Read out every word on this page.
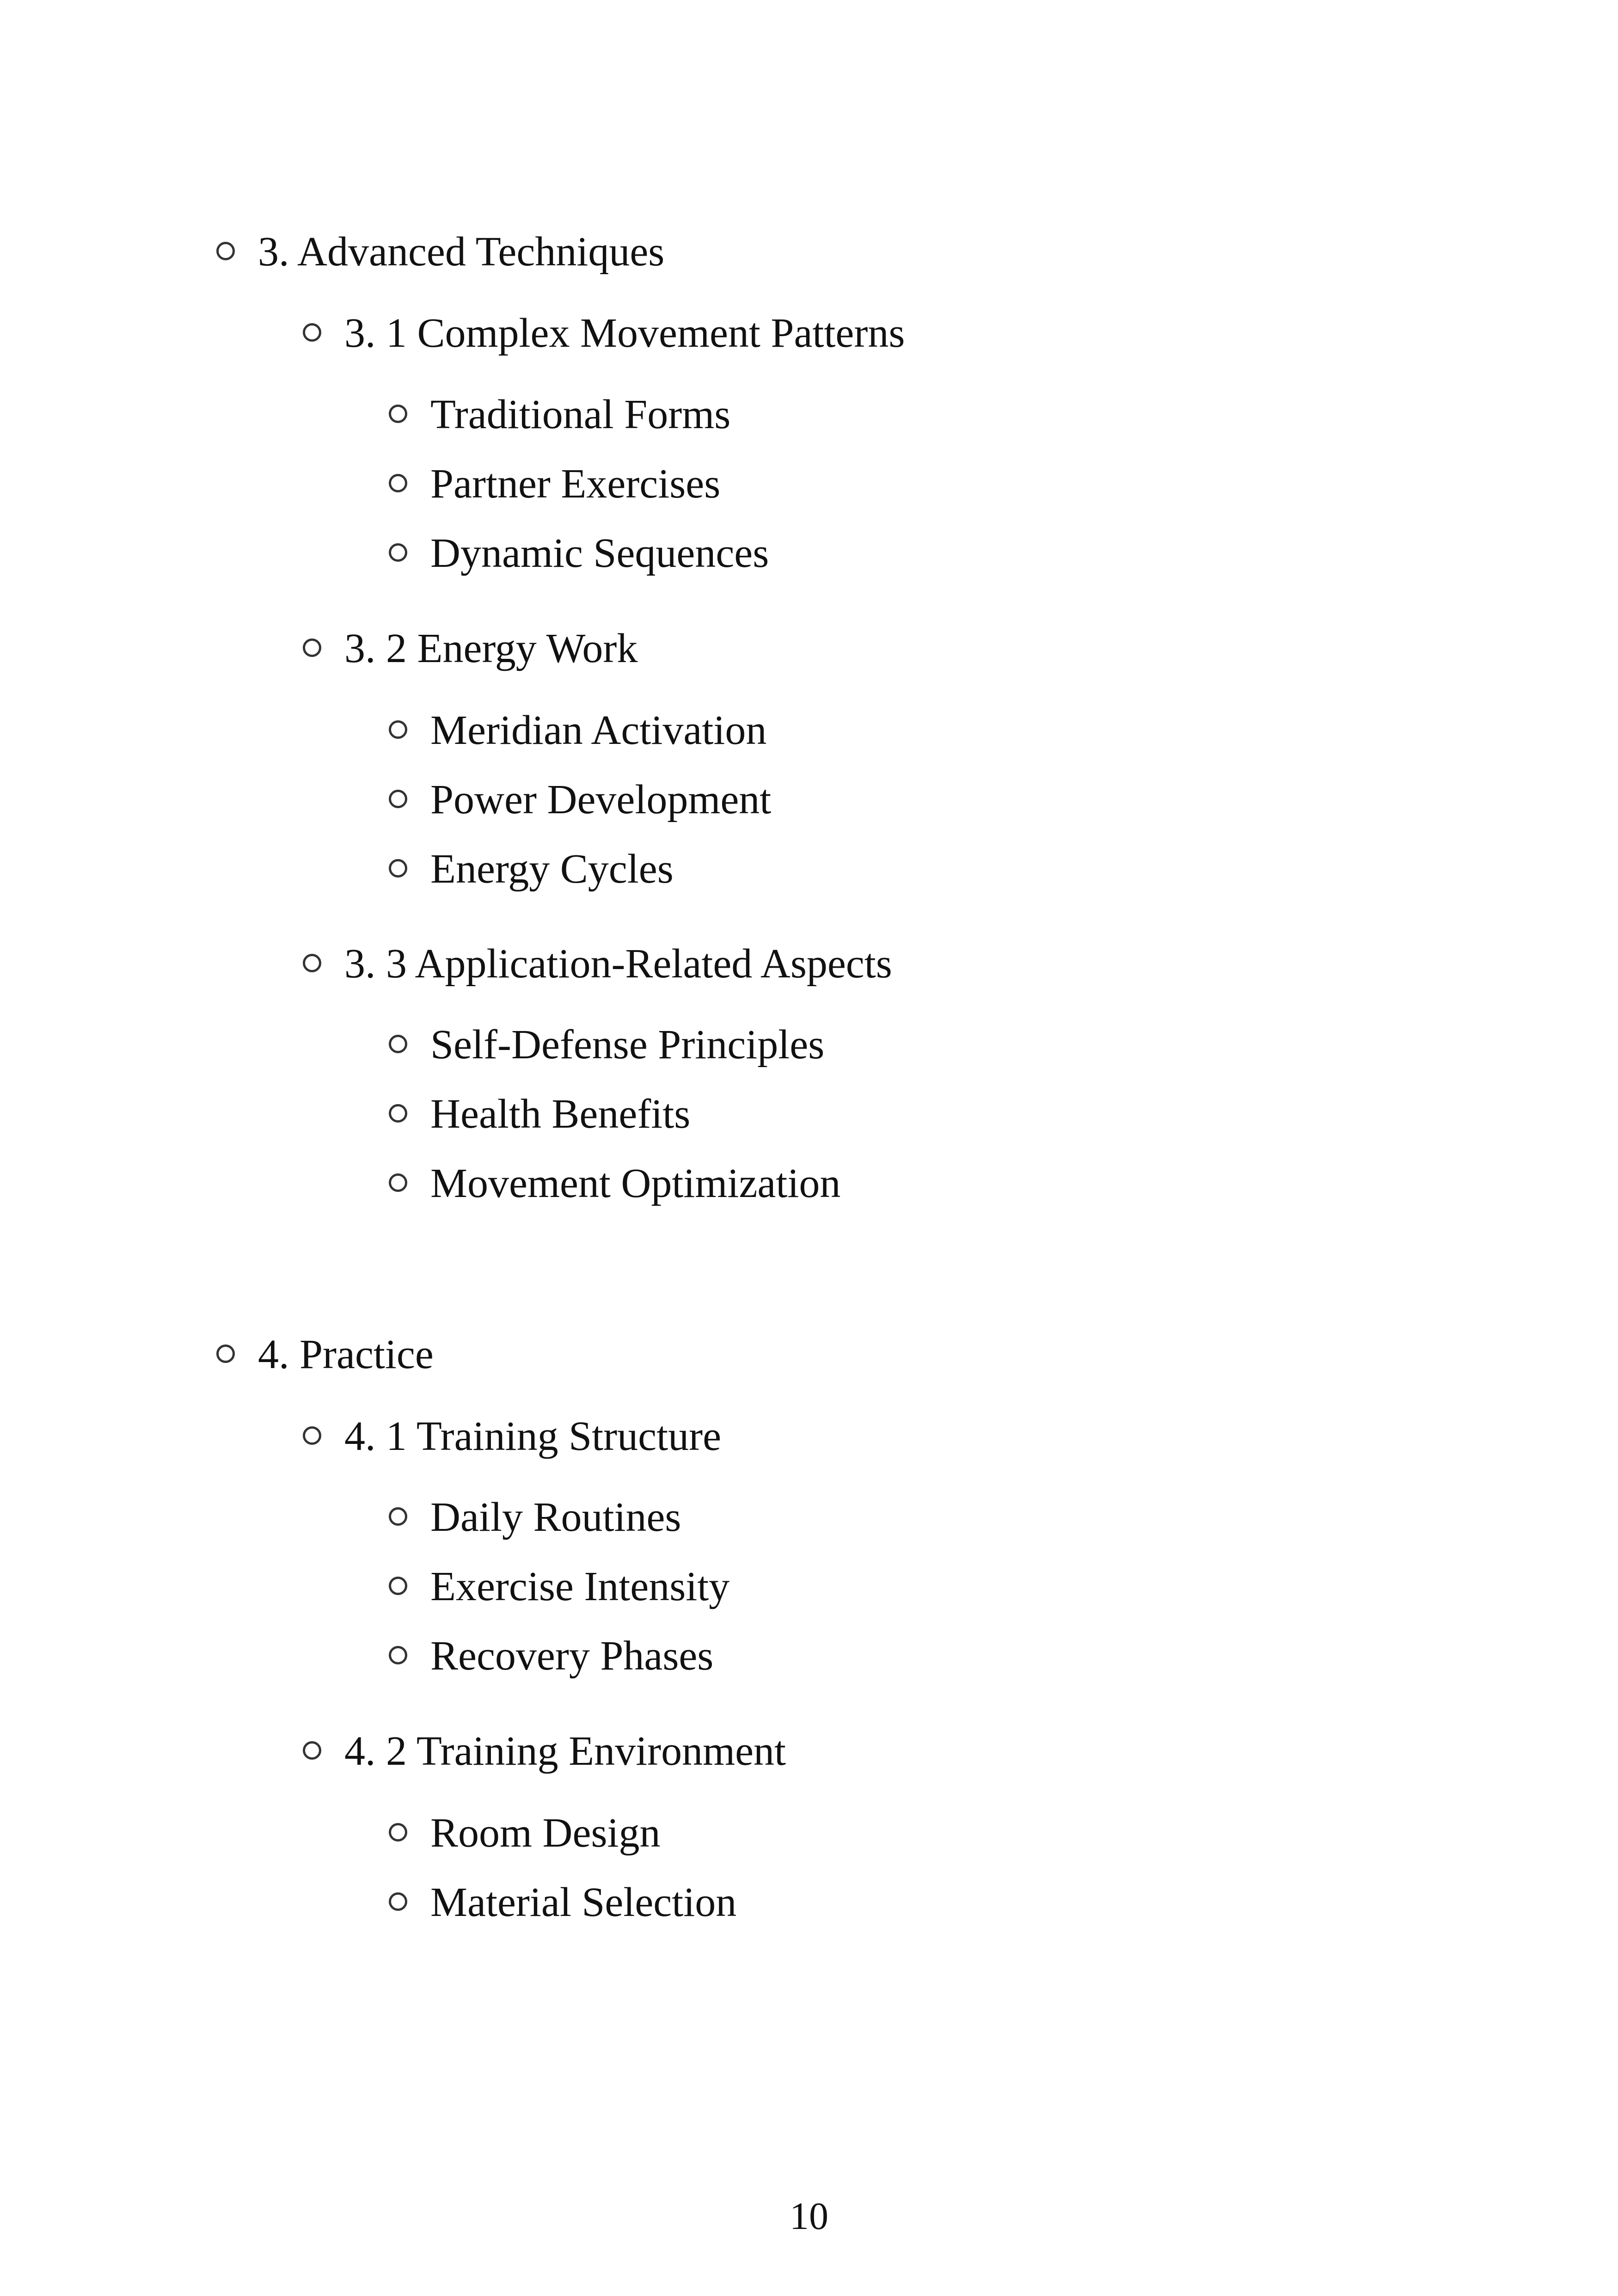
3. Advanced Techniques
3. 1 Complex Movement Patterns
Traditional Forms
Partner Exercises
Dynamic Sequences
3. 2 Energy Work
Meridian Activation
Power Development
Energy Cycles
3. 3 Application-Related Aspects
Self-Defense Principles
Health Benefits
Movement Optimization
4. Practice
4. 1 Training Structure
Daily Routines
Exercise Intensity
Recovery Phases
4. 2 Training Environment
Room Design
Material Selection
10
